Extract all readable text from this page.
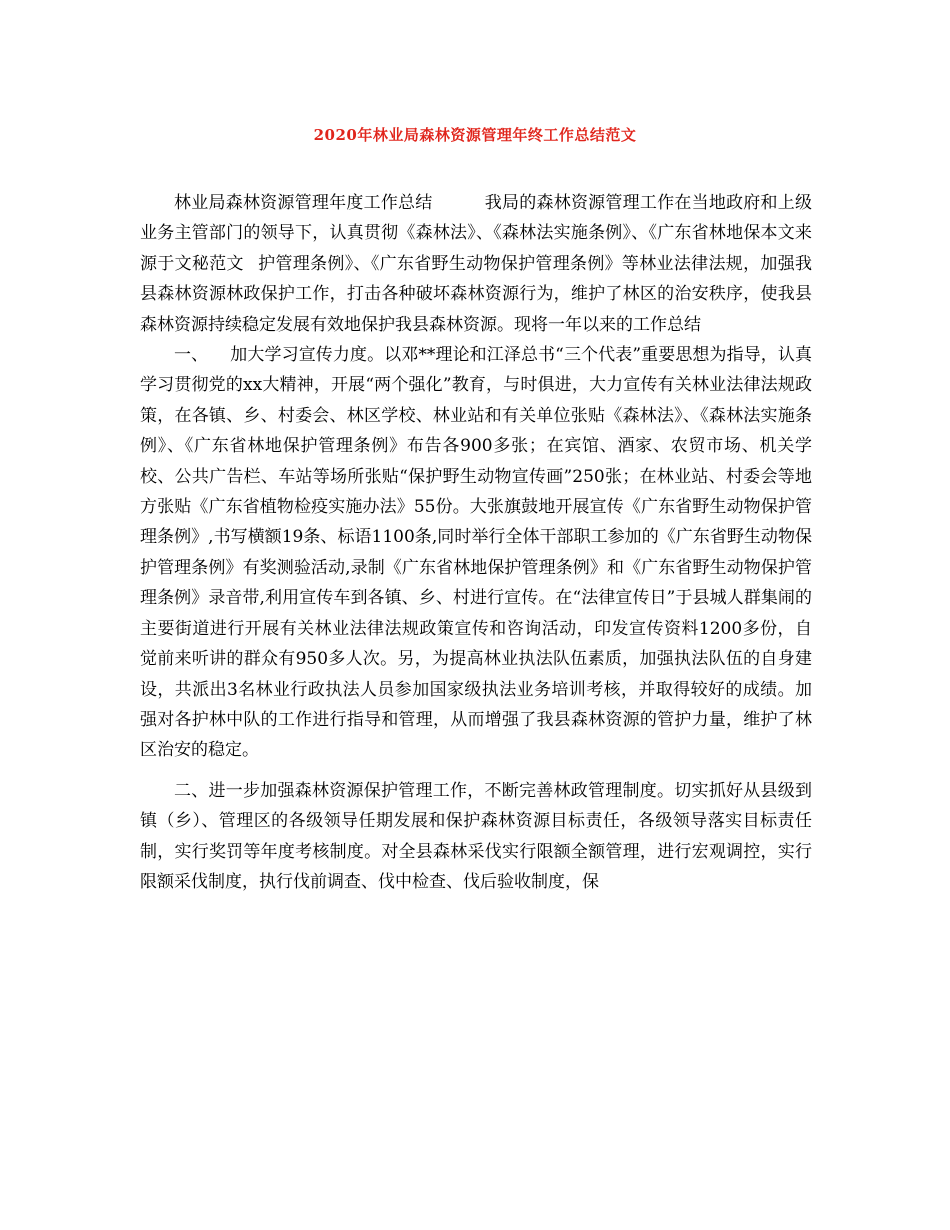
2020年林业局森林资源管理年终工作总结范文

林业局森林资源管理年度工作总结	我局的森林资源管理工作在当地政府和上级业务主管部门的领导下，认真贯彻《森林法》、《森林法实施条例》、《广东省林地保本文来源于文秘范文 护管理条例》、《广东省野生动物保护管理条例》等林业法律法规，加强我县森林资源林政保护工作，打击各种破坏森林资源行为，维护了林区的治安秩序，使我县森林资源持续稳定发展有效地保护我县森林资源。现将一年以来的工作总结

一、 加大学习宣传力度。以邓**理论和江泽总书“三个代表”重要思想为指导，认真学习贯彻党的xx大精神，开展“两个强化”教育，与时俱进，大力宣传有关林业法律法规政策，在各镇、乡、村委会、林区学校、林业站和有关单位张贴《森林法》、《森林法实施条例》、《广东省林地保护管理条例》布告各900多张；在宾馆、酒家、农贸市场、机关学校、公共广告栏、车站等场所张贴“保护野生动物宣传画”250张；在林业站、村委会等地方张贴《广东省植物检疫实施办法》55份。大张旗鼓地开展宣传《广东省野生动物保护管理条例》,书写横额19条、标语1100条,同时举行全体干部职工参加的《广东省野生动物保护管理条例》有奖测验活动,录制《广东省林地保护管理条例》和《广东省野生动物保护管理条例》录音带,利用宣传车到各镇、乡、村进行宣传。在“法律宣传日”于县城人群集闹的主要街道进行开展有关林业法律法规政策宣传和咨询活动，印发宣传资料1200多份，自觉前来听讲的群众有950多人次。另，为提高林业执法队伍素质，加强执法队伍的自身建设，共派出3名林业行政执法人员参加国家级执法业务培训考核，并取得较好的成绩。加强对各护林中队的工作进行指导和管理，从而增强了我县森林资源的管护力量，维护了林区治安的稳定。

二、进一步加强森林资源保护管理工作，不断完善林政管理制度。切实抓好从县级到镇（乡）、管理区的各级领导任期发展和保护森林资源目标责任，各级领导落实目标责任制，实行奖罚等年度考核制度。对全县森林采伐实行限额全额管理，进行宏观调控，实行限额采伐制度，执行伐前调查、伐中检查、伐后验收制度，保
